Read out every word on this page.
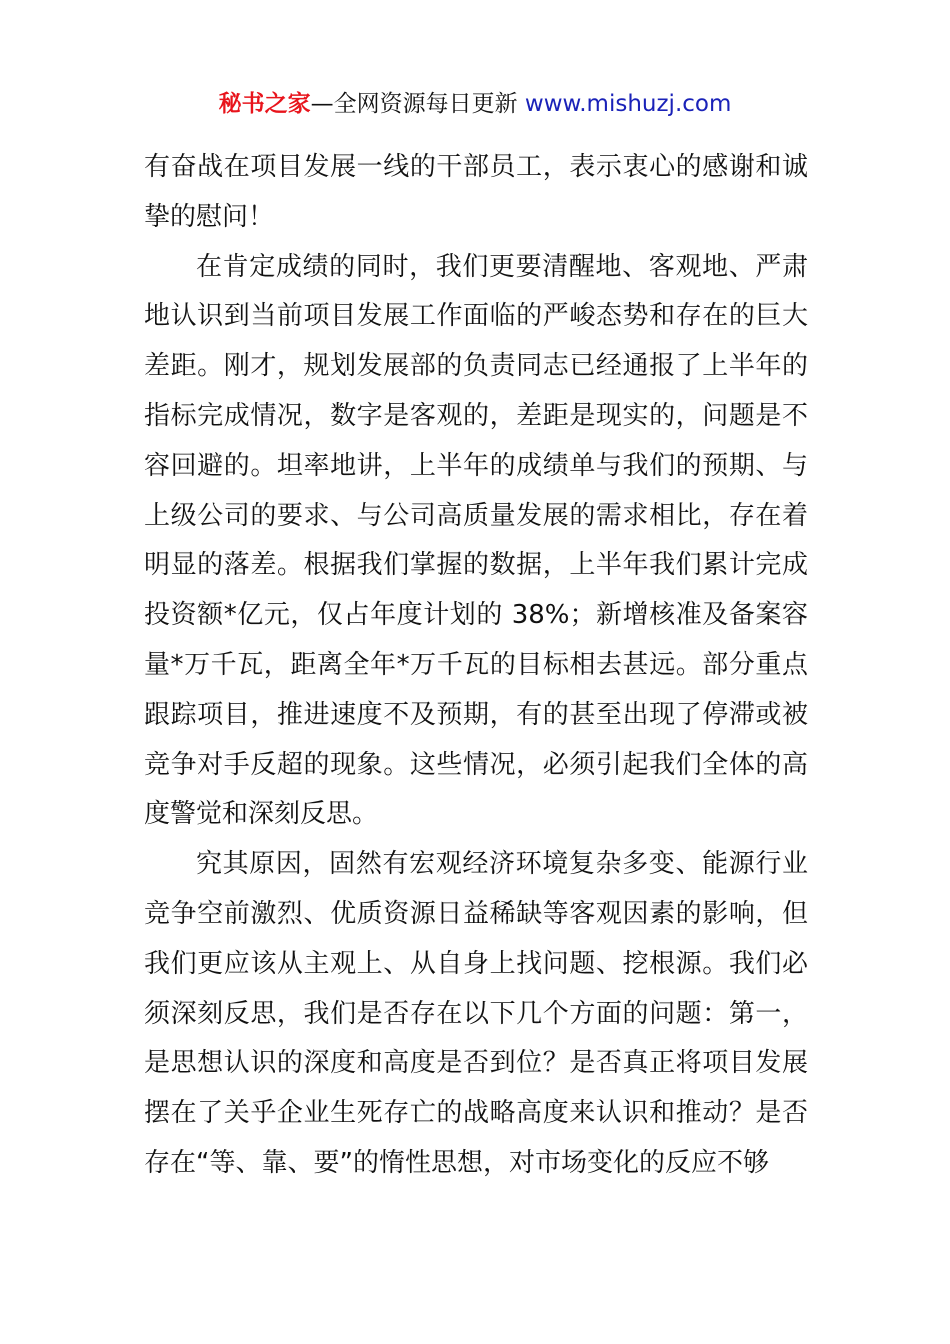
秘书之家—全网资源每日更新 www.mishuzj.com

有奋战在项目发展一线的干部员工，表示衷心的感谢和诚挚的慰问！

在肯定成绩的同时，我们更要清醒地、客观地、严肃地认识到当前项目发展工作面临的严峻态势和存在的巨大差距。刚才，规划发展部的负责同志已经通报了上半年的指标完成情况，数字是客观的，差距是现实的，问题是不容回避的。坦率地讲，上半年的成绩单与我们的预期、与上级公司的要求、与公司高质量发展的需求相比，存在着明显的落差。根据我们掌握的数据，上半年我们累计完成投资额*亿元，仅占年度计划的 38%；新增核准及备案容量*万千瓦，距离全年*万千瓦的目标相去甚远。部分重点跟踪项目，推进速度不及预期，有的甚至出现了停滞或被竞争对手反超的现象。这些情况，必须引起我们全体的高度警觉和深刻反思。

究其原因，固然有宏观经济环境复杂多变、能源行业竞争空前激烈、优质资源日益稀缺等客观因素的影响，但我们更应该从主观上、从自身上找问题、挖根源。我们必须深刻反思，我们是否存在以下几个方面的问题：第一，是思想认识的深度和高度是否到位？是否真正将项目发展摆在了关乎企业生死存亡的战略高度来认识和推动？是否存在“等、靠、要”的惰性思想，对市场变化的反应不够
